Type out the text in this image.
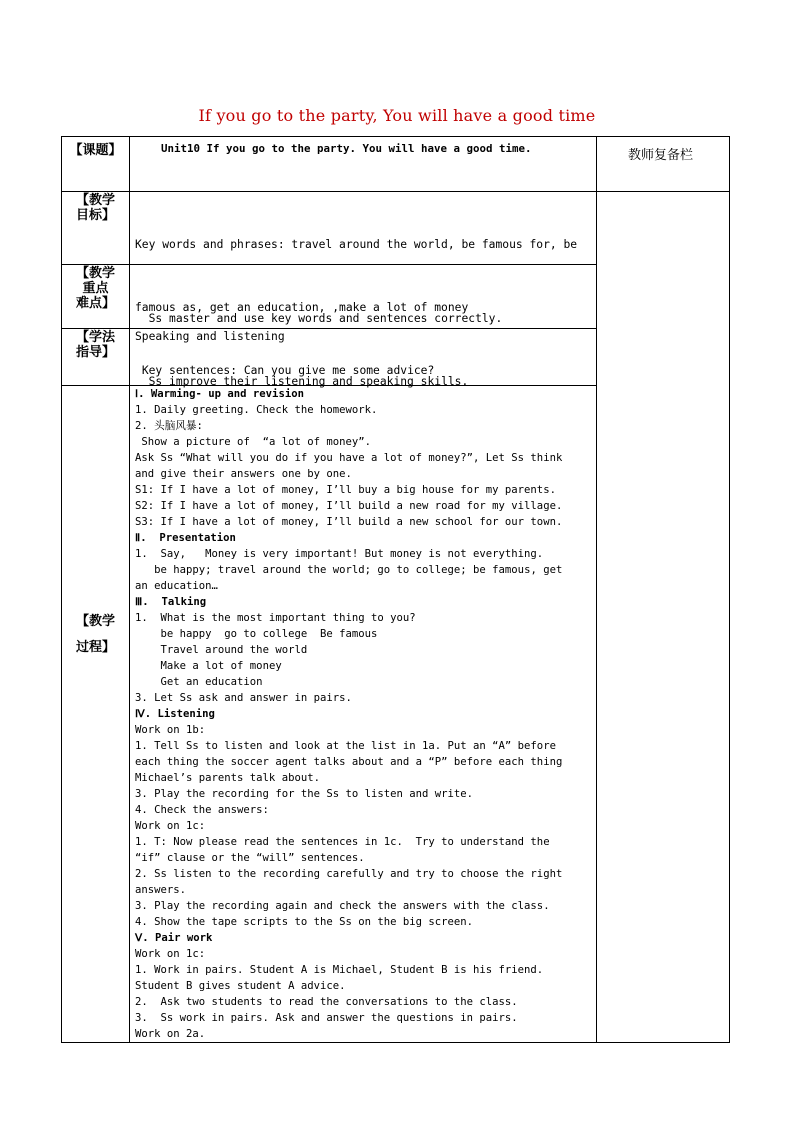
If you go to the party, You will have a good time
【课题】	Unit10 If you go to the party. You will have a good time.	教师复备栏
【教学
目标】

Key words and phrases: travel around the world, be famous for, be

famous as, get an education, ,make a lot of money

Key sentences: Can you give me some advice?

【教学
重点
难点】

Ss master and use key words and sentences correctly.

Ss improve their listening and speaking skills.

【学法
指导】
Speaking and listening
【教学
过程】
Ⅰ. Warming- up and revision
1. Daily greeting. Check the homework.
2. 头脑风暴:
Show a picture of  “a lot of money”.
Ask Ss “What will you do if you have a lot of money?”, Let Ss think
and give their answers one by one.
S1: If I have a lot of money, I’ll buy a big house for my parents.
S2: If I have a lot of money, I’ll build a new road for my village.
S3: If I have a lot of money, I’ll build a new school for our town.
Ⅱ.  Presentation
1.  Say,   Money is very important! But money is not everything.
be happy; travel around the world; go to college; be famous, get
an education…
Ⅲ.  Talking
1.  What is the most important thing to you?
be happy  go to college  Be famous
Travel around the world
Make a lot of money
Get an education
3. Let Ss ask and answer in pairs.
Ⅳ. Listening
Work on 1b:
1. Tell Ss to listen and look at the list in 1a. Put an “A” before
each thing the soccer agent talks about and a “P” before each thing
Michael’s parents talk about.
3. Play the recording for the Ss to listen and write.
4. Check the answers:
Work on 1c:
1. T: Now please read the sentences in 1c.  Try to understand the
“if” clause or the “will” sentences.
2. Ss listen to the recording carefully and try to choose the right
answers.
3. Play the recording again and check the answers with the class.
4. Show the tape scripts to the Ss on the big screen.
Ⅴ. Pair work
Work on 1c:
1. Work in pairs. Student A is Michael, Student B is his friend.
Student B gives student A advice.
2.  Ask two students to read the conversations to the class.
3.  Ss work in pairs. Ask and answer the questions in pairs.
Work on 2a.
